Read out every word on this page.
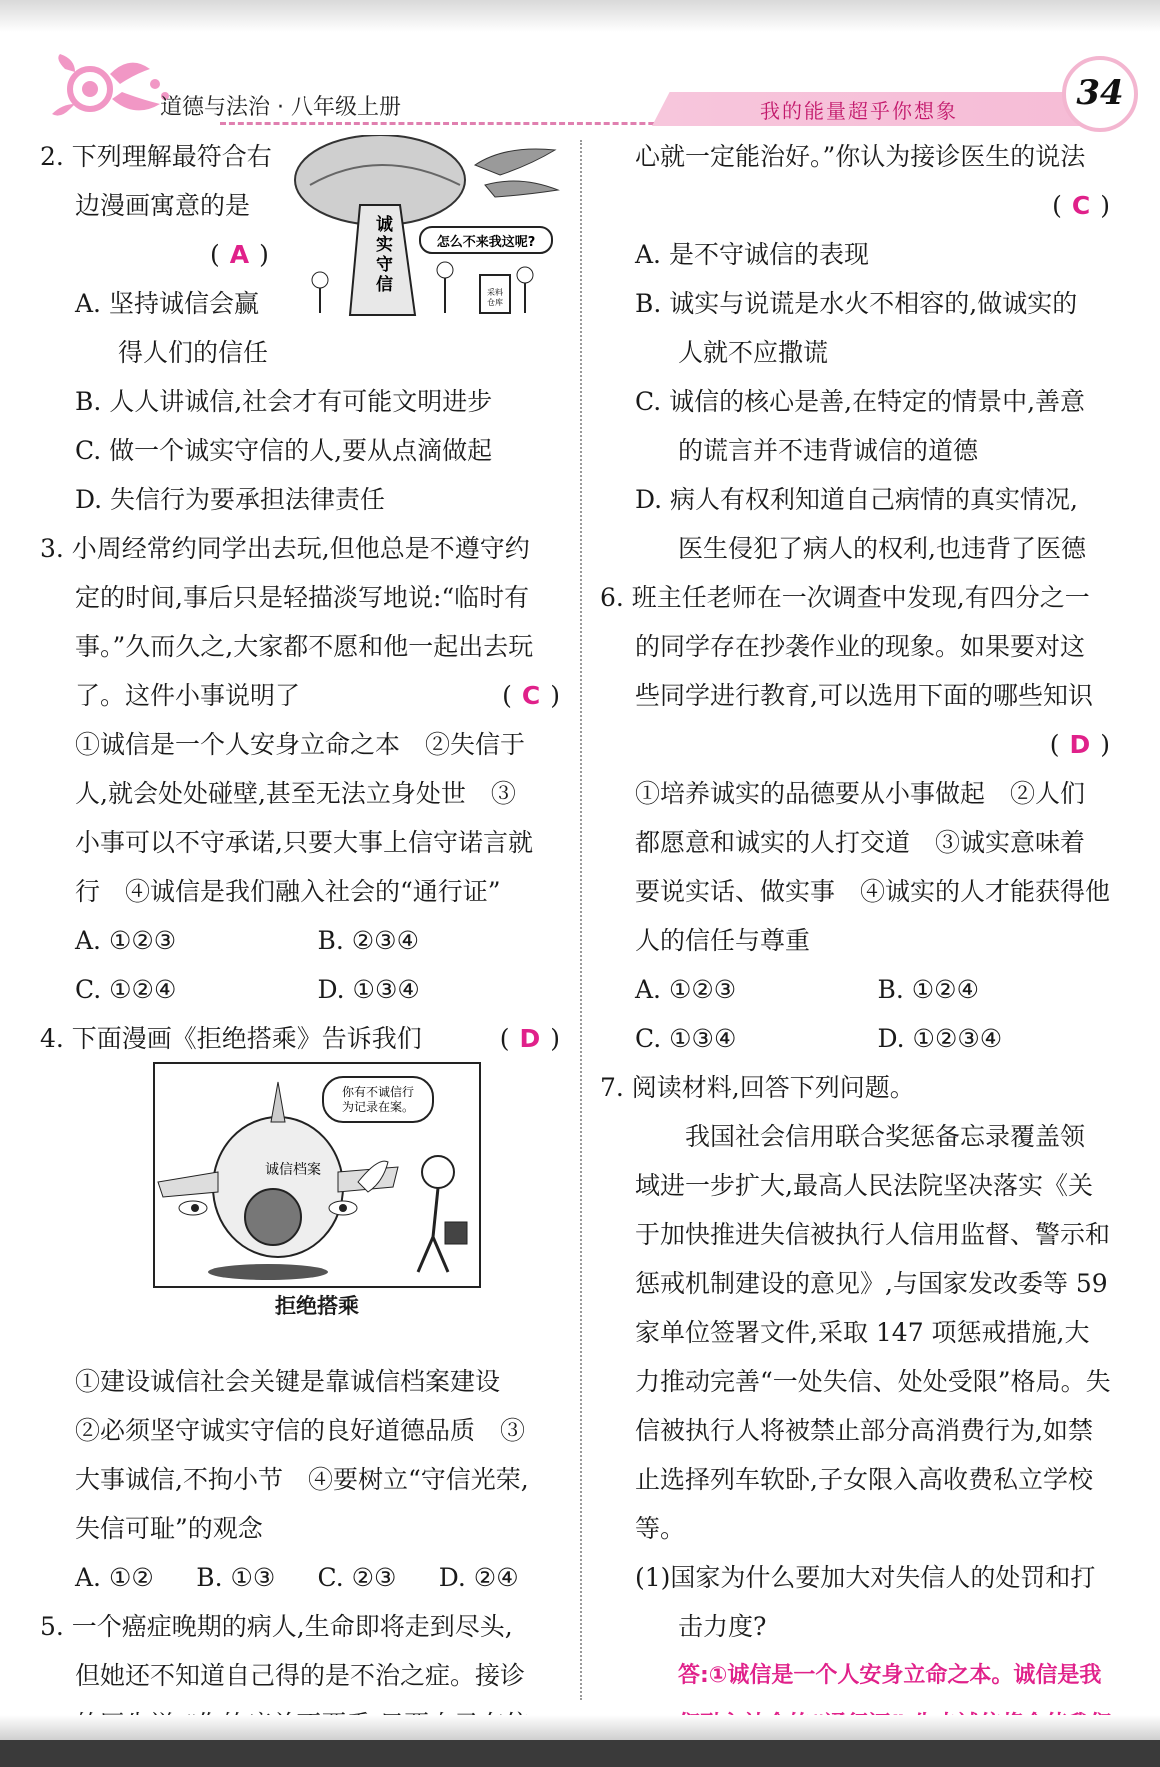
道德与法治 · 八年级上册	我的能量超乎你想象	34
怎么不来我这呢?
诚实守信	采料仓库
你有不诚信行为记录在案。
诚信档案
拒绝搭乘
2. 下列理解最符合右
边漫画寓意的是
( A )
A. 坚持诚信会赢
得人们的信任
B. 人人讲诚信,社会才有可能文明进步
C. 做一个诚实守信的人,要从点滴做起
D. 失信行为要承担法律责任
3. 小周经常约同学出去玩,但他总是不遵守约
定的时间,事后只是轻描淡写地说:“临时有
事。”久而久之,大家都不愿和他一起出去玩
了。这件小事说明了	( C )
①诚信是一个人安身立命之本　②失信于
人,就会处处碰壁,甚至无法立身处世　③
小事可以不守承诺,只要大事上信守诺言就
行　④诚信是我们融入社会的“通行证”
A. ①②③	B. ②③④
C. ①②④	D. ①③④
4. 下面漫画《拒绝搭乘》告诉我们	( D )
①建设诚信社会关键是靠诚信档案建设
②必须坚守诚实守信的良好道德品质　③
大事诚信,不拘小节　④要树立“守信光荣,
失信可耻”的观念
A. ①②	B. ①③	C. ②③	D. ②④
5. 一个癌症晚期的病人,生命即将走到尽头,
但她还不知道自己得的是不治之症。接诊
心就一定能治好。”你认为接诊医生的说法
( C )
A. 是不守诚信的表现
B. 诚实与说谎是水火不相容的,做诚实的
人就不应撒谎
C. 诚信的核心是善,在特定的情景中,善意
的谎言并不违背诚信的道德
D. 病人有权利知道自己病情的真实情况,
医生侵犯了病人的权利,也违背了医德
6. 班主任老师在一次调查中发现,有四分之一
的同学存在抄袭作业的现象。如果要对这
些同学进行教育,可以选用下面的哪些知识
( D )
①培养诚实的品德要从小事做起　②人们
都愿意和诚实的人打交道　③诚实意味着
要说实话、做实事　④诚实的人才能获得他
人的信任与尊重
A. ①②③	B. ①②④
C. ①③④	D. ①②③④
7. 阅读材料,回答下列问题。
　　我国社会信用联合奖惩备忘录覆盖领
域进一步扩大,最高人民法院坚决落实《关
于加快推进失信被执行人信用监督、警示和
惩戒机制建设的意见》,与国家发改委等 59
家单位签署文件,采取 147 项惩戒措施,大
力推动完善“一处失信、处处受限”格局。失
信被执行人将被禁止部分高消费行为,如禁
止选择列车软卧,子女限入高收费私立学校
等。
(1)国家为什么要加大对失信人的处罚和打
击力度?
答:①诚信是一个人安身立命之本。诚信是我
